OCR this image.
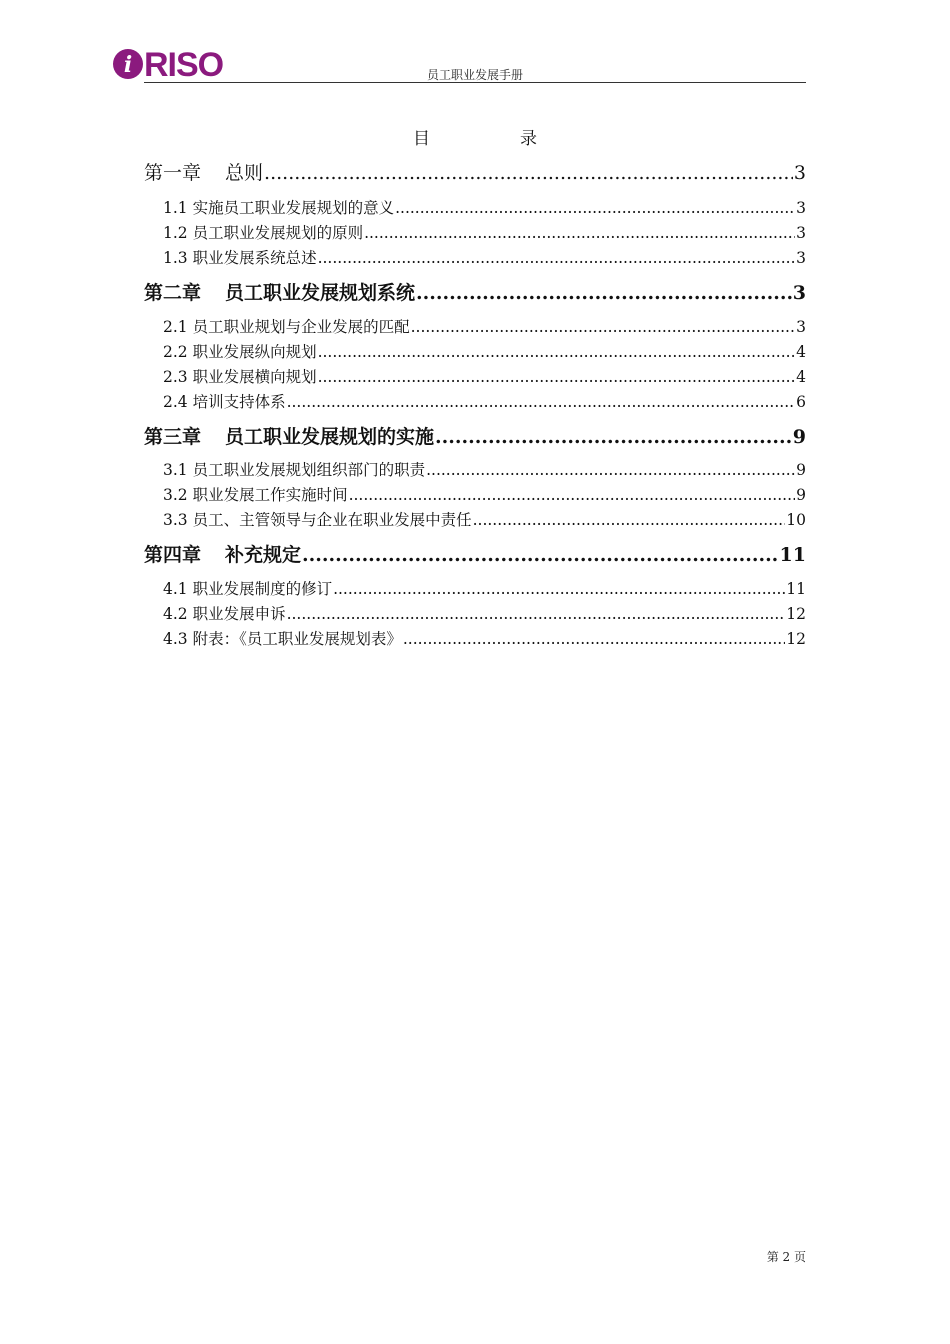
i RISO	员工职业发展手册
目	录
第一章 总则 .....	3
1.1 实施员工职业发展规划的意义 .....	3
1.2 员工职业发展规划的原则 .....	3
1.3 职业发展系统总述 .....	3
第二章 员工职业发展规划系统 .....	3
2.1 员工职业规划与企业发展的匹配 .....	3
2.2 职业发展纵向规划 .....	4
2.3 职业发展横向规划 .....	4
2.4 培训支持体系 .....	6
第三章 员工职业发展规划的实施 .....	9
3.1 员工职业发展规划组织部门的职责 .....	9
3.2 职业发展工作实施时间 .....	9
3.3 员工、主管领导与企业在职业发展中责任 .....	10
第四章 补充规定 .....	11
4.1 职业发展制度的修订 .....	11
4.2 职业发展申诉 .....	12
4.3 附表：《员工职业发展规划表》 .....	12
第 2 页
